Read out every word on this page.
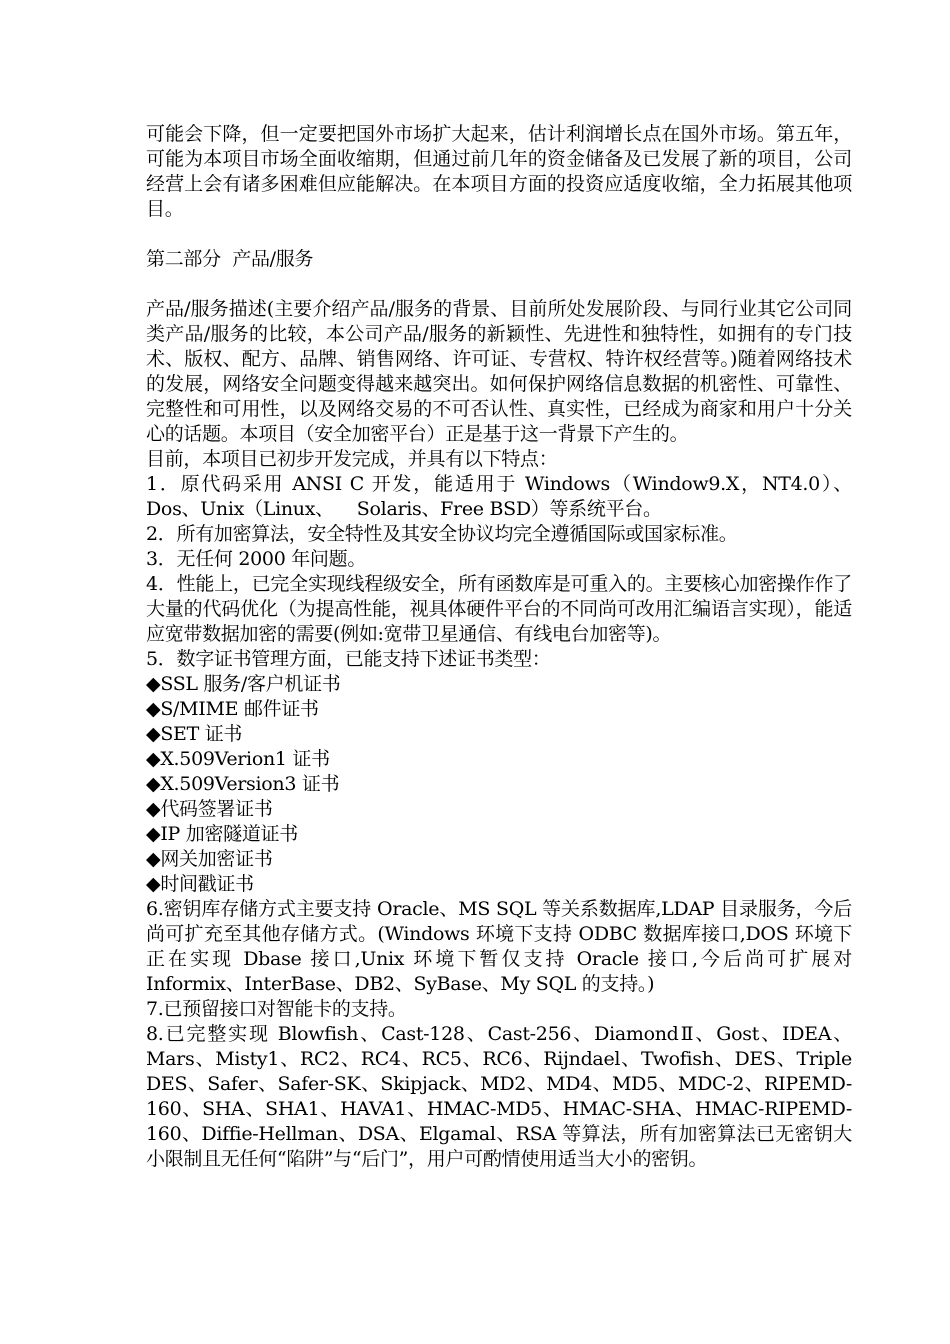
可能会下降，但一定要把国外市场扩大起来，估计利润增长点在国外市场。第五年，可能为本项目市场全面收缩期，但通过前几年的资金储备及已发展了新的项目，公司经营上会有诸多困难但应能解决。在本项目方面的投资应适度收缩，全力拓展其他项目。

第二部分  产品/服务

产品/服务描述(主要介绍产品/服务的背景、目前所处发展阶段、与同行业其它公司同类产品/服务的比较，本公司产品/服务的新颖性、先进性和独特性，如拥有的专门技术、版权、配方、品牌、销售网络、许可证、专营权、特许权经营等。)随着网络技术的发展，网络安全问题变得越来越突出。如何保护网络信息数据的机密性、可靠性、完整性和可用性，以及网络交易的不可否认性、真实性，已经成为商家和用户十分关心的话题。本项目（安全加密平台）正是基于这一背景下产生的。

目前，本项目已初步开发完成，并具有以下特点：

1．原代码采用 ANSI C 开发，能适用于 Windows（Window9.X，NT4.0）、Dos、Unix（Linux、    Solaris、Free BSD）等系统平台。

2．所有加密算法，安全特性及其安全协议均完全遵循国际或国家标准。

3．无任何 2000 年问题。

4．性能上，已完全实现线程级安全，所有函数库是可重入的。主要核心加密操作作了大量的代码优化（为提高性能，视具体硬件平台的不同尚可改用汇编语言实现），能适应宽带数据加密的需要(例如:宽带卫星通信、有线电台加密等)。

5．数字证书管理方面，已能支持下述证书类型：

◆SSL 服务/客户机证书

◆S/MIME 邮件证书

◆SET 证书

◆X.509Verion1 证书

◆X.509Version3 证书

◆代码签署证书

◆IP 加密隧道证书

◆网关加密证书

◆时间戳证书

6.密钥库存储方式主要支持 Oracle、MS SQL 等关系数据库,LDAP 目录服务，今后尚可扩充至其他存储方式。(Windows 环境下支持 ODBC 数据库接口,DOS 环境下正在实现 Dbase 接口,Unix 环境下暂仅支持 Oracle 接口,今后尚可扩展对 Informix、InterBase、DB2、SyBase、My SQL 的支持。)

7.已预留接口对智能卡的支持。

8.已完整实现 Blowfish、Cast-128、Cast-256、DiamondⅡ、Gost、IDEA、Mars、Misty1、RC2、RC4、RC5、RC6、Rijndael、Twofish、DES、Triple DES、Safer、Safer-SK、Skipjack、MD2、MD4、MD5、MDC-2、RIPEMD-160、SHA、SHA1、HAVA1、HMAC-MD5、HMAC-SHA、HMAC-RIPEMD-160、Diffie-Hellman、DSA、Elgamal、RSA 等算法，所有加密算法已无密钥大小限制且无任何“陷阱”与“后门”，用户可酌情使用适当大小的密钥。
